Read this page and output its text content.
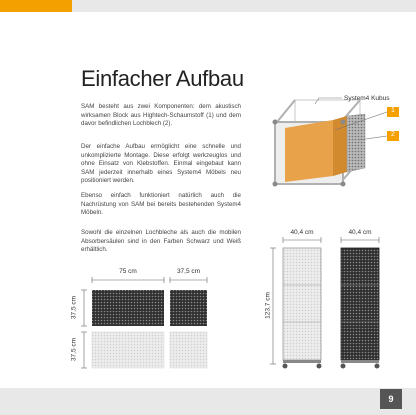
Einfacher Aufbau

SAM besteht aus zwei Komponenten: dem akustisch wirksamen Block aus Hightech-Schaumstoff (1) und dem davor befindlichen Lochblech (2).

Der einfache Aufbau ermöglicht eine schnelle und unkomplizierte Montage. Diese erfolgt werkzeuglos und ohne Einsatz von Klebstoffen. Einmal eingebaut kann SAM jederzeit innerhalb eines System4 Möbels neu positioniert werden.

Ebenso einfach funktioniert natürlich auch die Nachrüstung von SAM bei bereits bestehenden System4 Möbeln.

Sowohl die einzelnen Lochbleche als auch die mobilen Absorbersäulen sind in den Farben Schwarz und Weiß erhältlich.

System4 Kubus
1
2
75 cm	37,5 cm
37,5 cm
37,5 cm
40,4 cm	40,4 cm
123,7 cm
9
